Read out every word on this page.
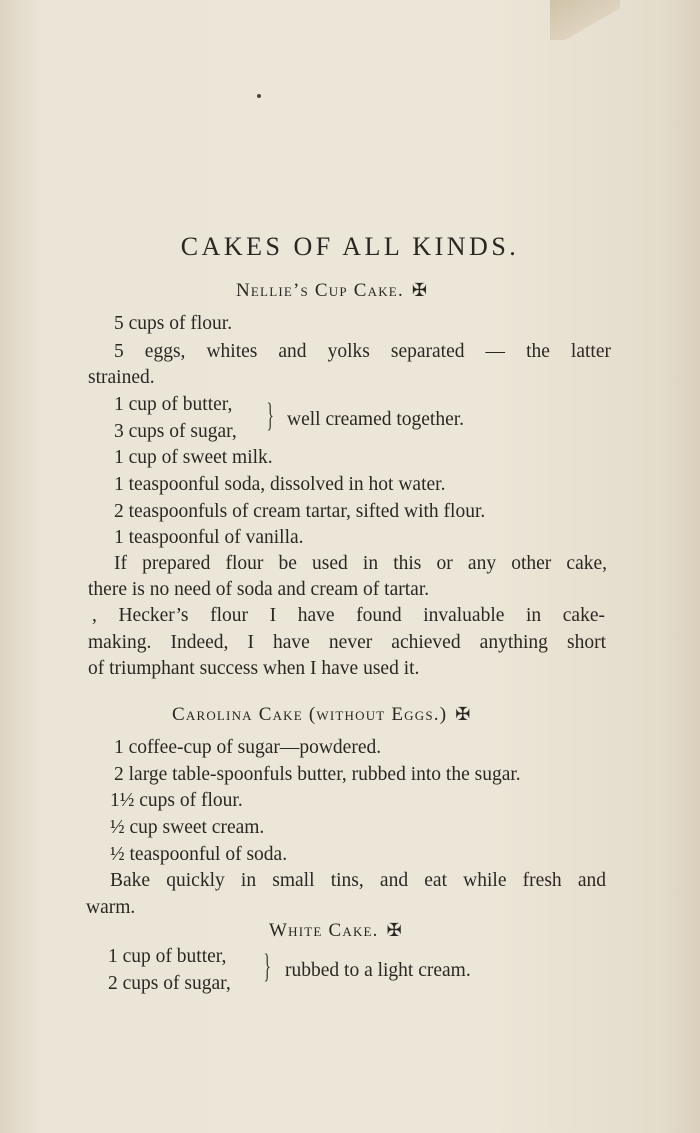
CAKES OF ALL KINDS.
Nellie’s Cup Cake. ✠
5 cups of flour.
5 eggs, whites and yolks separated — the latter
strained.
1 cup of butter,
3 cups of sugar, } well creamed together.
1 cup of sweet milk.
1 teaspoonful soda, dissolved in hot water.
2 teaspoonfuls of cream tartar, sifted with flour.
1 teaspoonful of vanilla.
If prepared flour be used in this or any other cake,
there is no need of soda and cream of tartar.
, Hecker’s flour I have found invaluable in cake-
making. Indeed, I have never achieved anything short
of triumphant success when I have used it.
Carolina Cake (without Eggs.) ✠
1 coffee-cup of sugar—powdered.
2 large table-spoonfuls butter, rubbed into the sugar.
1½ cups of flour.
½ cup sweet cream.
½ teaspoonful of soda.
Bake quickly in small tins, and eat while fresh and
warm.
White Cake. ✠
1 cup of butter,
2 cups of sugar, } rubbed to a light cream.
